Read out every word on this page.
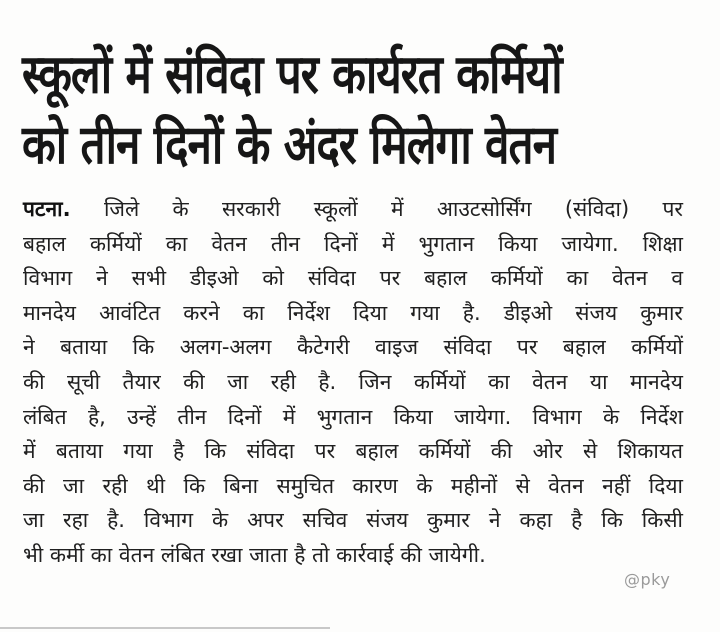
स्कूलों में संविदा पर कार्यरत कर्मियों
को तीन दिनों के अंदर मिलेगा वेतन
पटना. जिले के सरकारी स्कूलों में आउटसोर्सिंग (संविदा) पर
बहाल कर्मियों का वेतन तीन दिनों में भुगतान किया जायेगा. शिक्षा
विभाग ने सभी डीइओ को संविदा पर बहाल कर्मियों का वेतन व
मानदेय आवंटित करने का निर्देश दिया गया है. डीइओ संजय कुमार
ने बताया कि अलग-अलग कैटेगरी वाइज संविदा पर बहाल कर्मियों
की सूची तैयार की जा रही है. जिन कर्मियों का वेतन या मानदेय
लंबित है, उन्हें तीन दिनों में भुगतान किया जायेगा. विभाग के निर्देश
में बताया गया है कि संविदा पर बहाल कर्मियों की ओर से शिकायत
की जा रही थी कि बिना समुचित कारण के महीनों से वेतन नहीं दिया
जा रहा है. विभाग के अपर सचिव संजय कुमार ने कहा है कि किसी
भी कर्मी का वेतन लंबित रखा जाता है तो कार्रवाई की जायेगी.
@pky
